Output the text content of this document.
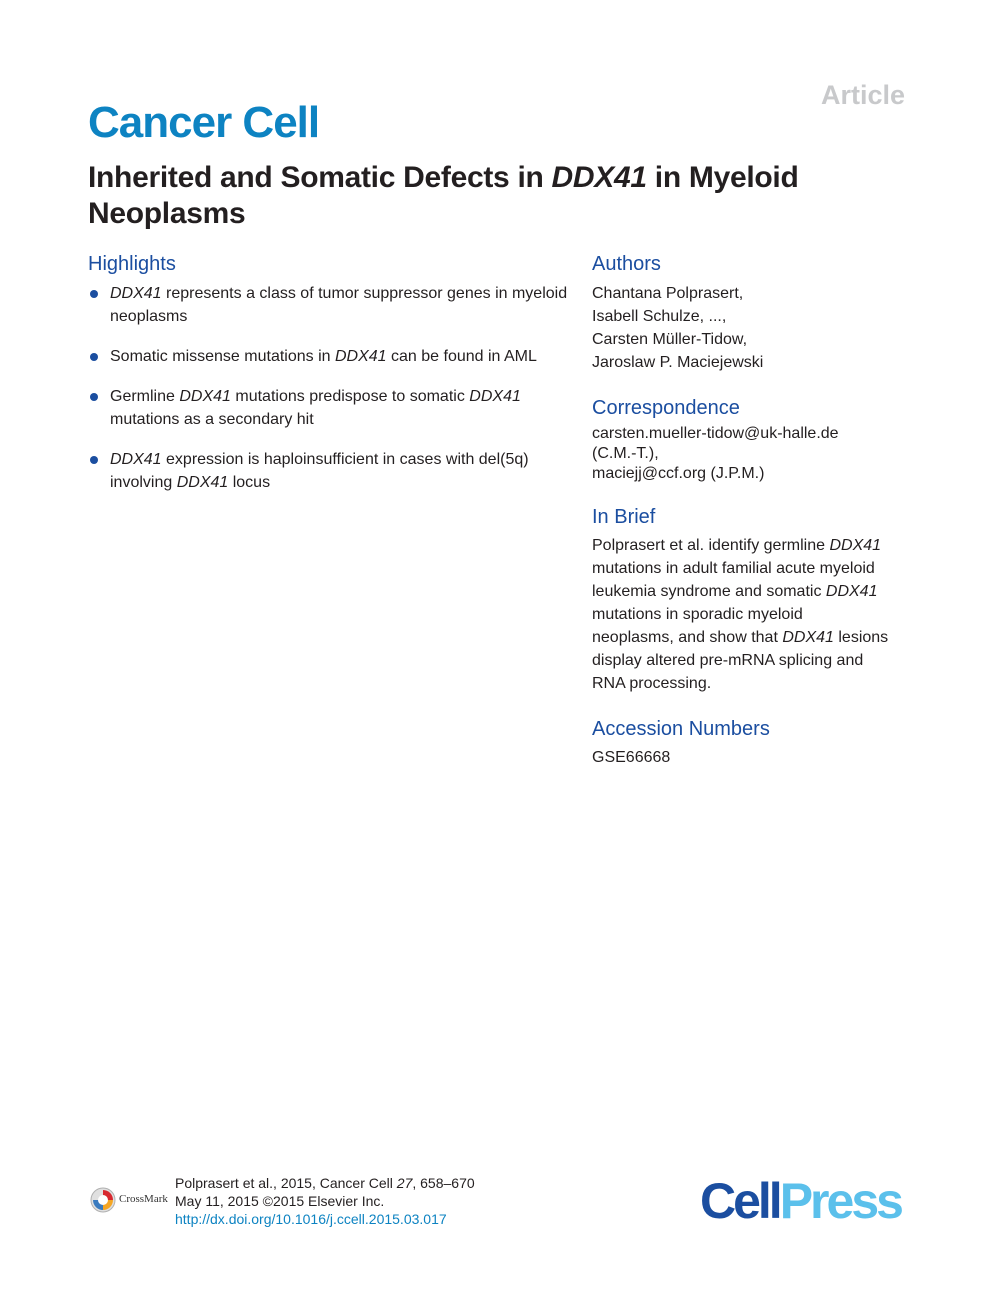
Article
Cancer Cell
Inherited and Somatic Defects in DDX41 in Myeloid Neoplasms
Highlights
DDX41 represents a class of tumor suppressor genes in myeloid neoplasms
Somatic missense mutations in DDX41 can be found in AML
Germline DDX41 mutations predispose to somatic DDX41 mutations as a secondary hit
DDX41 expression is haploinsufficient in cases with del(5q) involving DDX41 locus
Authors
Chantana Polprasert,
Isabell Schulze, ...,
Carsten Müller-Tidow,
Jaroslaw P. Maciejewski
Correspondence
carsten.mueller-tidow@uk-halle.de
(C.M.-T.),
maciejj@ccf.org (J.P.M.)
In Brief
Polprasert et al. identify germline DDX41
mutations in adult familial acute myeloid
leukemia syndrome and somatic DDX41
mutations in sporadic myeloid
neoplasms, and show that DDX41 lesions
display altered pre-mRNA splicing and
RNA processing.
Accession Numbers
GSE66668
CrossMark
Polprasert et al., 2015, Cancer Cell 27, 658–670
May 11, 2015 ©2015 Elsevier Inc.
http://dx.doi.org/10.1016/j.ccell.2015.03.017	CellPress
